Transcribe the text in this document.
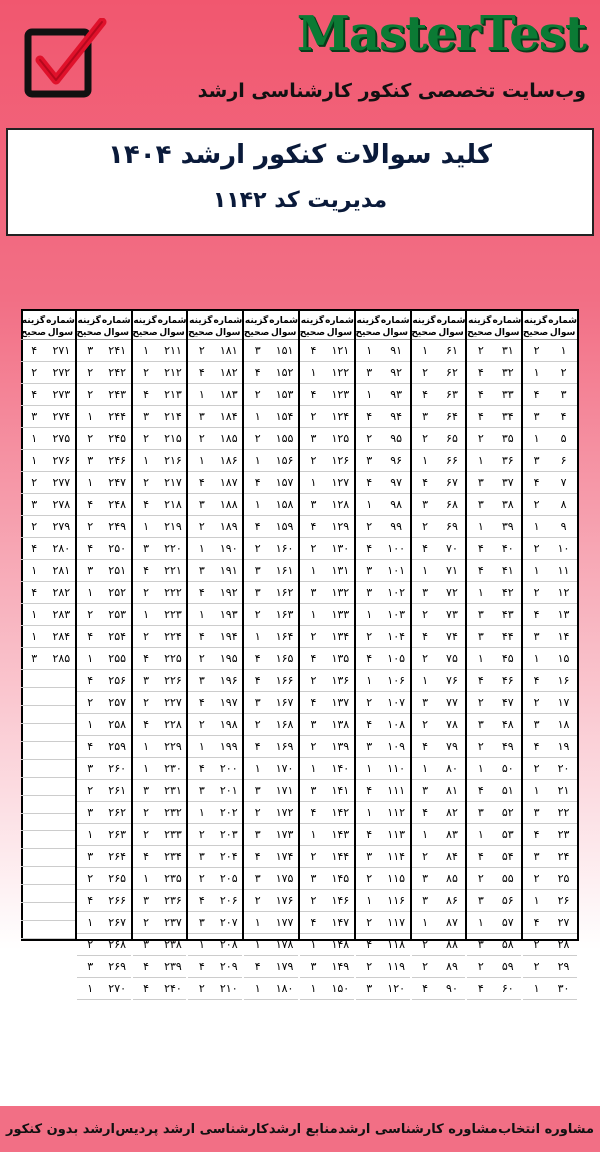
MasterTest
وب‌سایت تخصصی کنکور کارشناسی ارشد
کلید سوالات کنکور ارشد ۱۴۰۴
مدیریت کد ۱۱۴۲
شماره سوال
گزینه صحیح
۱
۲
۲
۱
۳
۴
۴
۳
۵
۱
۶
۳
۷
۴
۸
۲
۹
۱
۱۰
۲
۱۱
۱
۱۲
۲
۱۳
۴
۱۴
۳
۱۵
۱
۱۶
۴
۱۷
۲
۱۸
۳
۱۹
۴
۲۰
۲
۲۱
۱
۲۲
۳
۲۳
۴
۲۴
۳
۲۵
۲
۲۶
۱
۲۷
۴
۲۸
۲
۲۹
۲
۳۰
۱
شماره سوال
گزینه صحیح
۳۱
۲
۳۲
۴
۳۳
۴
۳۴
۴
۳۵
۲
۳۶
۱
۳۷
۳
۳۸
۳
۳۹
۱
۴۰
۴
۴۱
۴
۴۲
۱
۴۳
۳
۴۴
۳
۴۵
۱
۴۶
۴
۴۷
۲
۴۸
۳
۴۹
۲
۵۰
۱
۵۱
۴
۵۲
۳
۵۳
۱
۵۴
۴
۵۵
۲
۵۶
۳
۵۷
۱
۵۸
۳
۵۹
۲
۶۰
۴
شماره سوال
گزینه صحیح
۶۱
۱
۶۲
۲
۶۳
۴
۶۴
۳
۶۵
۲
۶۶
۱
۶۷
۴
۶۸
۳
۶۹
۲
۷۰
۴
۷۱
۱
۷۲
۳
۷۳
۲
۷۴
۴
۷۵
۲
۷۶
۱
۷۷
۳
۷۸
۲
۷۹
۴
۸۰
۱
۸۱
۳
۸۲
۴
۸۳
۱
۸۴
۲
۸۵
۳
۸۶
۳
۸۷
۱
۸۸
۲
۸۹
۲
۹۰
۴
شماره سوال
گزینه صحیح
۹۱
۱
۹۲
۳
۹۳
۱
۹۴
۴
۹۵
۲
۹۶
۳
۹۷
۴
۹۸
۱
۹۹
۲
۱۰۰
۴
۱۰۱
۳
۱۰۲
۳
۱۰۳
۱
۱۰۴
۲
۱۰۵
۴
۱۰۶
۱
۱۰۷
۲
۱۰۸
۴
۱۰۹
۳
۱۱۰
۱
۱۱۱
۴
۱۱۲
۱
۱۱۳
۴
۱۱۴
۳
۱۱۵
۲
۱۱۶
۱
۱۱۷
۲
۱۱۸
۴
۱۱۹
۲
۱۲۰
۳
شماره سوال
گزینه صحیح
۱۲۱
۴
۱۲۲
۱
۱۲۳
۴
۱۲۴
۲
۱۲۵
۳
۱۲۶
۲
۱۲۷
۱
۱۲۸
۳
۱۲۹
۴
۱۳۰
۲
۱۳۱
۱
۱۳۲
۳
۱۳۳
۱
۱۳۴
۲
۱۳۵
۴
۱۳۶
۲
۱۳۷
۴
۱۳۸
۳
۱۳۹
۲
۱۴۰
۱
۱۴۱
۳
۱۴۲
۴
۱۴۳
۱
۱۴۴
۲
۱۴۵
۳
۱۴۶
۲
۱۴۷
۴
۱۴۸
۱
۱۴۹
۳
۱۵۰
۱
شماره سوال
گزینه صحیح
۱۵۱
۳
۱۵۲
۴
۱۵۳
۲
۱۵۴
۱
۱۵۵
۲
۱۵۶
۱
۱۵۷
۴
۱۵۸
۱
۱۵۹
۴
۱۶۰
۲
۱۶۱
۳
۱۶۲
۳
۱۶۳
۲
۱۶۴
۱
۱۶۵
۴
۱۶۶
۴
۱۶۷
۳
۱۶۸
۲
۱۶۹
۴
۱۷۰
۱
۱۷۱
۳
۱۷۲
۲
۱۷۳
۳
۱۷۴
۴
۱۷۵
۳
۱۷۶
۲
۱۷۷
۱
۱۷۸
۱
۱۷۹
۴
۱۸۰
۱
شماره سوال
گزینه صحیح
۱۸۱
۲
۱۸۲
۴
۱۸۳
۱
۱۸۴
۳
۱۸۵
۲
۱۸۶
۱
۱۸۷
۴
۱۸۸
۳
۱۸۹
۲
۱۹۰
۱
۱۹۱
۳
۱۹۲
۴
۱۹۳
۱
۱۹۴
۴
۱۹۵
۲
۱۹۶
۳
۱۹۷
۴
۱۹۸
۲
۱۹۹
۱
۲۰۰
۴
۲۰۱
۳
۲۰۲
۱
۲۰۳
۲
۲۰۴
۳
۲۰۵
۲
۲۰۶
۴
۲۰۷
۳
۲۰۸
۱
۲۰۹
۴
۲۱۰
۲
شماره سوال
گزینه صحیح
۲۱۱
۱
۲۱۲
۲
۲۱۳
۴
۲۱۴
۳
۲۱۵
۲
۲۱۶
۱
۲۱۷
۲
۲۱۸
۴
۲۱۹
۱
۲۲۰
۳
۲۲۱
۴
۲۲۲
۲
۲۲۳
۱
۲۲۴
۲
۲۲۵
۴
۲۲۶
۳
۲۲۷
۲
۲۲۸
۴
۲۲۹
۱
۲۳۰
۱
۲۳۱
۳
۲۳۲
۲
۲۳۳
۲
۲۳۴
۴
۲۳۵
۱
۲۳۶
۳
۲۳۷
۲
۲۳۸
۳
۲۳۹
۴
۲۴۰
۴
شماره سوال
گزینه صحیح
۲۴۱
۳
۲۴۲
۲
۲۴۳
۲
۲۴۴
۱
۲۴۵
۲
۲۴۶
۳
۲۴۷
۱
۲۴۸
۴
۲۴۹
۲
۲۵۰
۴
۲۵۱
۳
۲۵۲
۱
۲۵۳
۲
۲۵۴
۴
۲۵۵
۱
۲۵۶
۴
۲۵۷
۲
۲۵۸
۱
۲۵۹
۴
۲۶۰
۳
۲۶۱
۲
۲۶۲
۳
۲۶۳
۱
۲۶۴
۳
۲۶۵
۲
۲۶۶
۴
۲۶۷
۱
۲۶۸
۲
۲۶۹
۳
۲۷۰
۱
شماره سوال
گزینه صحیح
۲۷۱
۴
۲۷۲
۲
۲۷۳
۴
۲۷۴
۳
۲۷۵
۱
۲۷۶
۱
۲۷۷
۲
۲۷۸
۳
۲۷۹
۲
۲۸۰
۴
۲۸۱
۱
۲۸۲
۴
۲۸۳
۱
۲۸۴
۱
۲۸۵
۳
ارشد بدون کنکور کارشناسی ارشد پردیس منابع ارشد مشاوره کارشناسی ارشد مشاوره انتخاب
